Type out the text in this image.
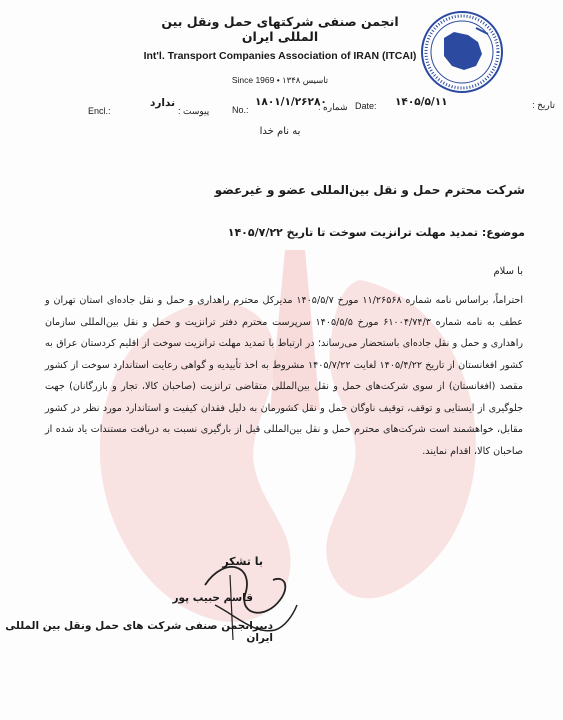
انجمن صنفی شرکتهای حمل ونقل بین المللی ایران
Int'l. Transport Companies Association of IRAN (ITCAI)
Since 1969 • تاسیس ۱۳۴۸
تاریخ :
۱۴۰۵/۵/۱۱
Date:
شماره :
۱۸۰۱/۱/۲۶۲۸۰
No.:
پیوست :
ندارد
Encl.:
به نام خدا
شرکت محترم حمل و نقل بین‌المللی عضو و غیرعضو
موضوع: تمدید مهلت ترانزیت سوخت تا تاریخ ۱۴۰۵/۷/۲۲
با سلام

احتراماً، براساس نامه شماره ۱۱/۲۶۵۶۸ مورخ ۱۴۰۵/۵/۷ مدیرکل محترم راهداری و حمل و نقل جاده‌ای استان تهران و عطف به نامه شماره ۶۱۰۰۴/۷۴/۳ مورخ ۱۴۰۵/۵/۵ سرپرست محترم دفتر ترانزیت و حمل و نقل بین‌المللی سازمان راهداری و حمل و نقل جاده‌ای باستحضار می‌رساند؛ در ارتباط با تمدید مهلت ترانزیت سوخت از اقلیم کردستان عراق به کشور افغانستان از تاریخ ۱۴۰۵/۴/۲۲ لغایت ۱۴۰۵/۷/۲۲ مشروط به اخذ تأییدیه و گواهی رعایت استاندارد سوخت از کشور مقصد (افغانستان) از سوی شرکت‌های حمل و نقل بین‌المللی متقاضی ترانزیت (صاحبان کالا، تجار و بازرگانان) جهت جلوگیری از ایستایی و توقف، توقیف ناوگان حمل و نقل کشورمان به دلیل فقدان کیفیت و استاندارد مورد نظر در کشور مقابل، خواهشمند است شرکت‌های محترم حمل و نقل بین‌المللی قبل از بارگیری نسبت به دریافت مستندات یاد شده از صاحبان کالا، اقدام نمایند.

با تشکر
قاسم حبیب پور
دبیرانجمن صنفی شرکت های حمل ونقل بین المللی ایران
